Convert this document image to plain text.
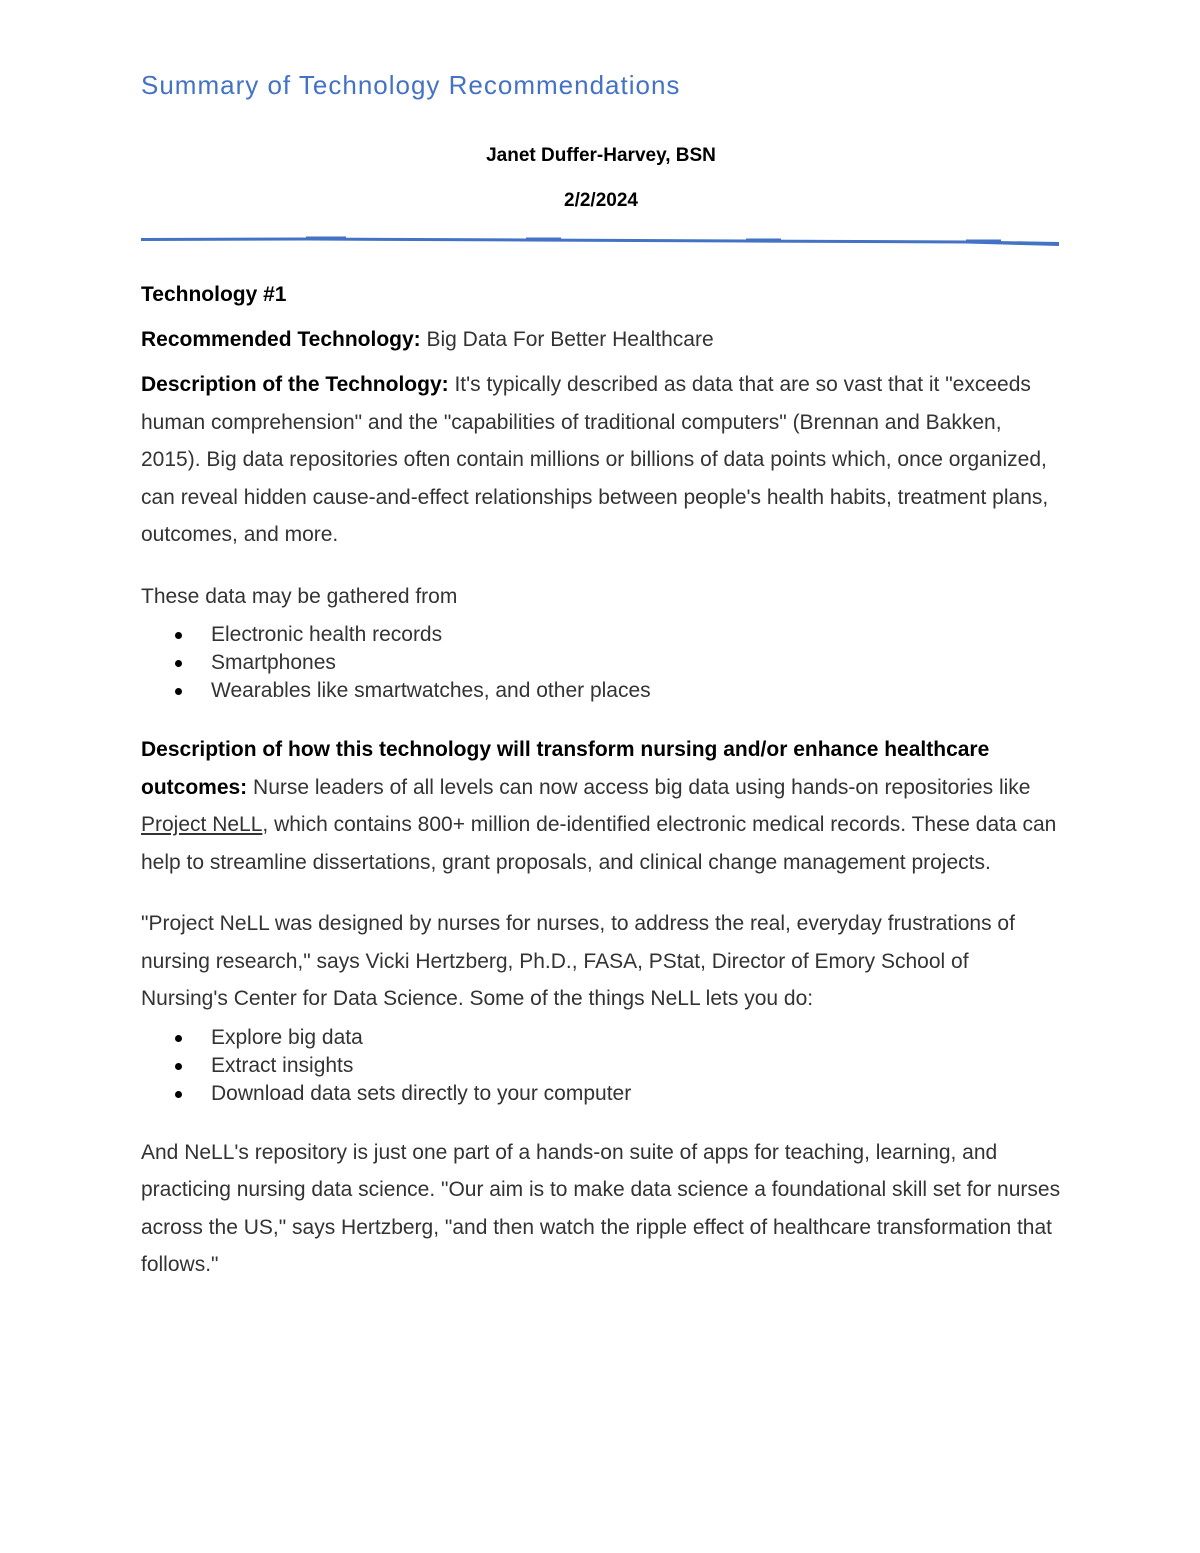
Summary of Technology Recommendations
Janet Duffer-Harvey, BSN
2/2/2024

Technology #1

Recommended Technology: Big Data For Better Healthcare

Description of the Technology: It's typically described as data that are so vast that it "exceeds human comprehension" and the "capabilities of traditional computers" (Brennan and Bakken, 2015). Big data repositories often contain millions or billions of data points which, once organized, can reveal hidden cause-and-effect relationships between people's health habits, treatment plans, outcomes, and more.

These data may be gathered from

Electronic health records
Smartphones
Wearables like smartwatches, and other places

Description of how this technology will transform nursing and/or enhance healthcare outcomes: Nurse leaders of all levels can now access big data using hands-on repositories like Project NeLL, which contains 800+ million de-identified electronic medical records. These data can help to streamline dissertations, grant proposals, and clinical change management projects.

"Project NeLL was designed by nurses for nurses, to address the real, everyday frustrations of nursing research," says Vicki Hertzberg, Ph.D., FASA, PStat, Director of Emory School of Nursing's Center for Data Science. Some of the things NeLL lets you do:

Explore big data
Extract insights
Download data sets directly to your computer

And NeLL's repository is just one part of a hands-on suite of apps for teaching, learning, and practicing nursing data science. "Our aim is to make data science a foundational skill set for nurses across the US," says Hertzberg, "and then watch the ripple effect of healthcare transformation that follows."
